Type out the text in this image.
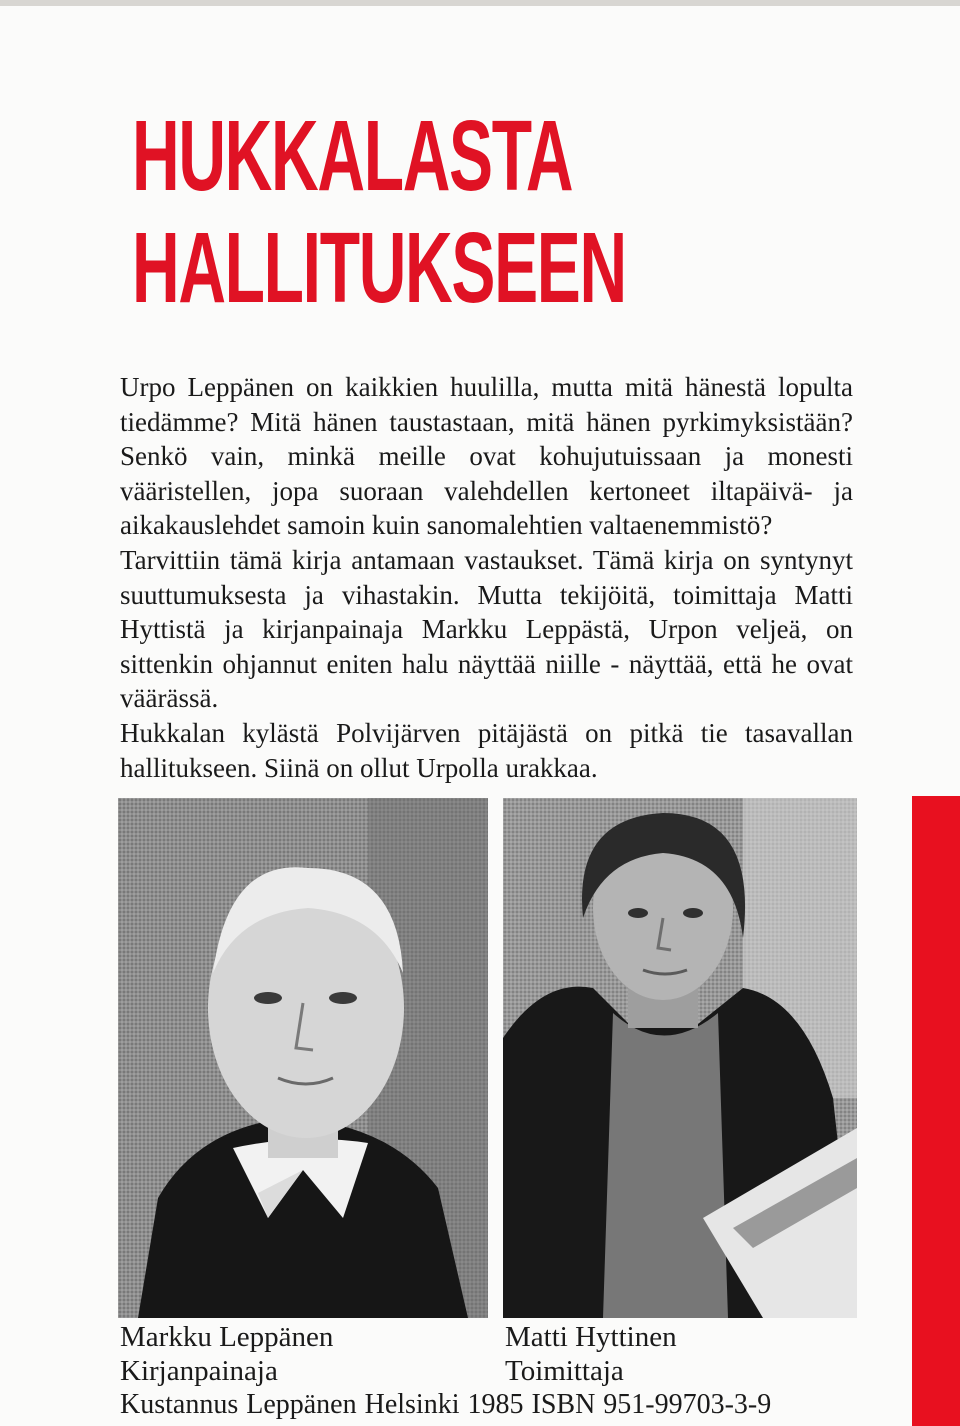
HUKKALASTA
HALLITUKSEEN

Urpo Leppänen on kaikkien huulilla, mutta mitä hänestä lopulta tiedämme? Mitä hänen taustastaan, mitä hänen pyrkimyksistään? Senkö vain, minkä meille ovat kohujutuissaan ja monesti vääristellen, jopa suoraan valehdellen kertoneet iltapäivä- ja aikakauslehdet samoin kuin sanomalehtien valtaenemmistö?

Tarvittiin tämä kirja antamaan vastaukset. Tämä kirja on syntynyt suuttumuksesta ja vihastakin. Mutta tekijöitä, toimittaja Matti Hyttistä ja kirjanpainaja Markku Leppästä, Urpon veljeä, on sittenkin ohjannut eniten halu näyttää niille - näyttää, että he ovat väärässä.

Hukkalan kylästä Polvijärven pitäjästä on pitkä tie tasavallan hallitukseen. Siinä on ollut Urpolla urakkaa.

Markku Leppänen
Kirjanpainaja
Matti Hyttinen
Toimittaja
Kustannus Leppänen Helsinki 1985 ISBN 951-99703-3-9
